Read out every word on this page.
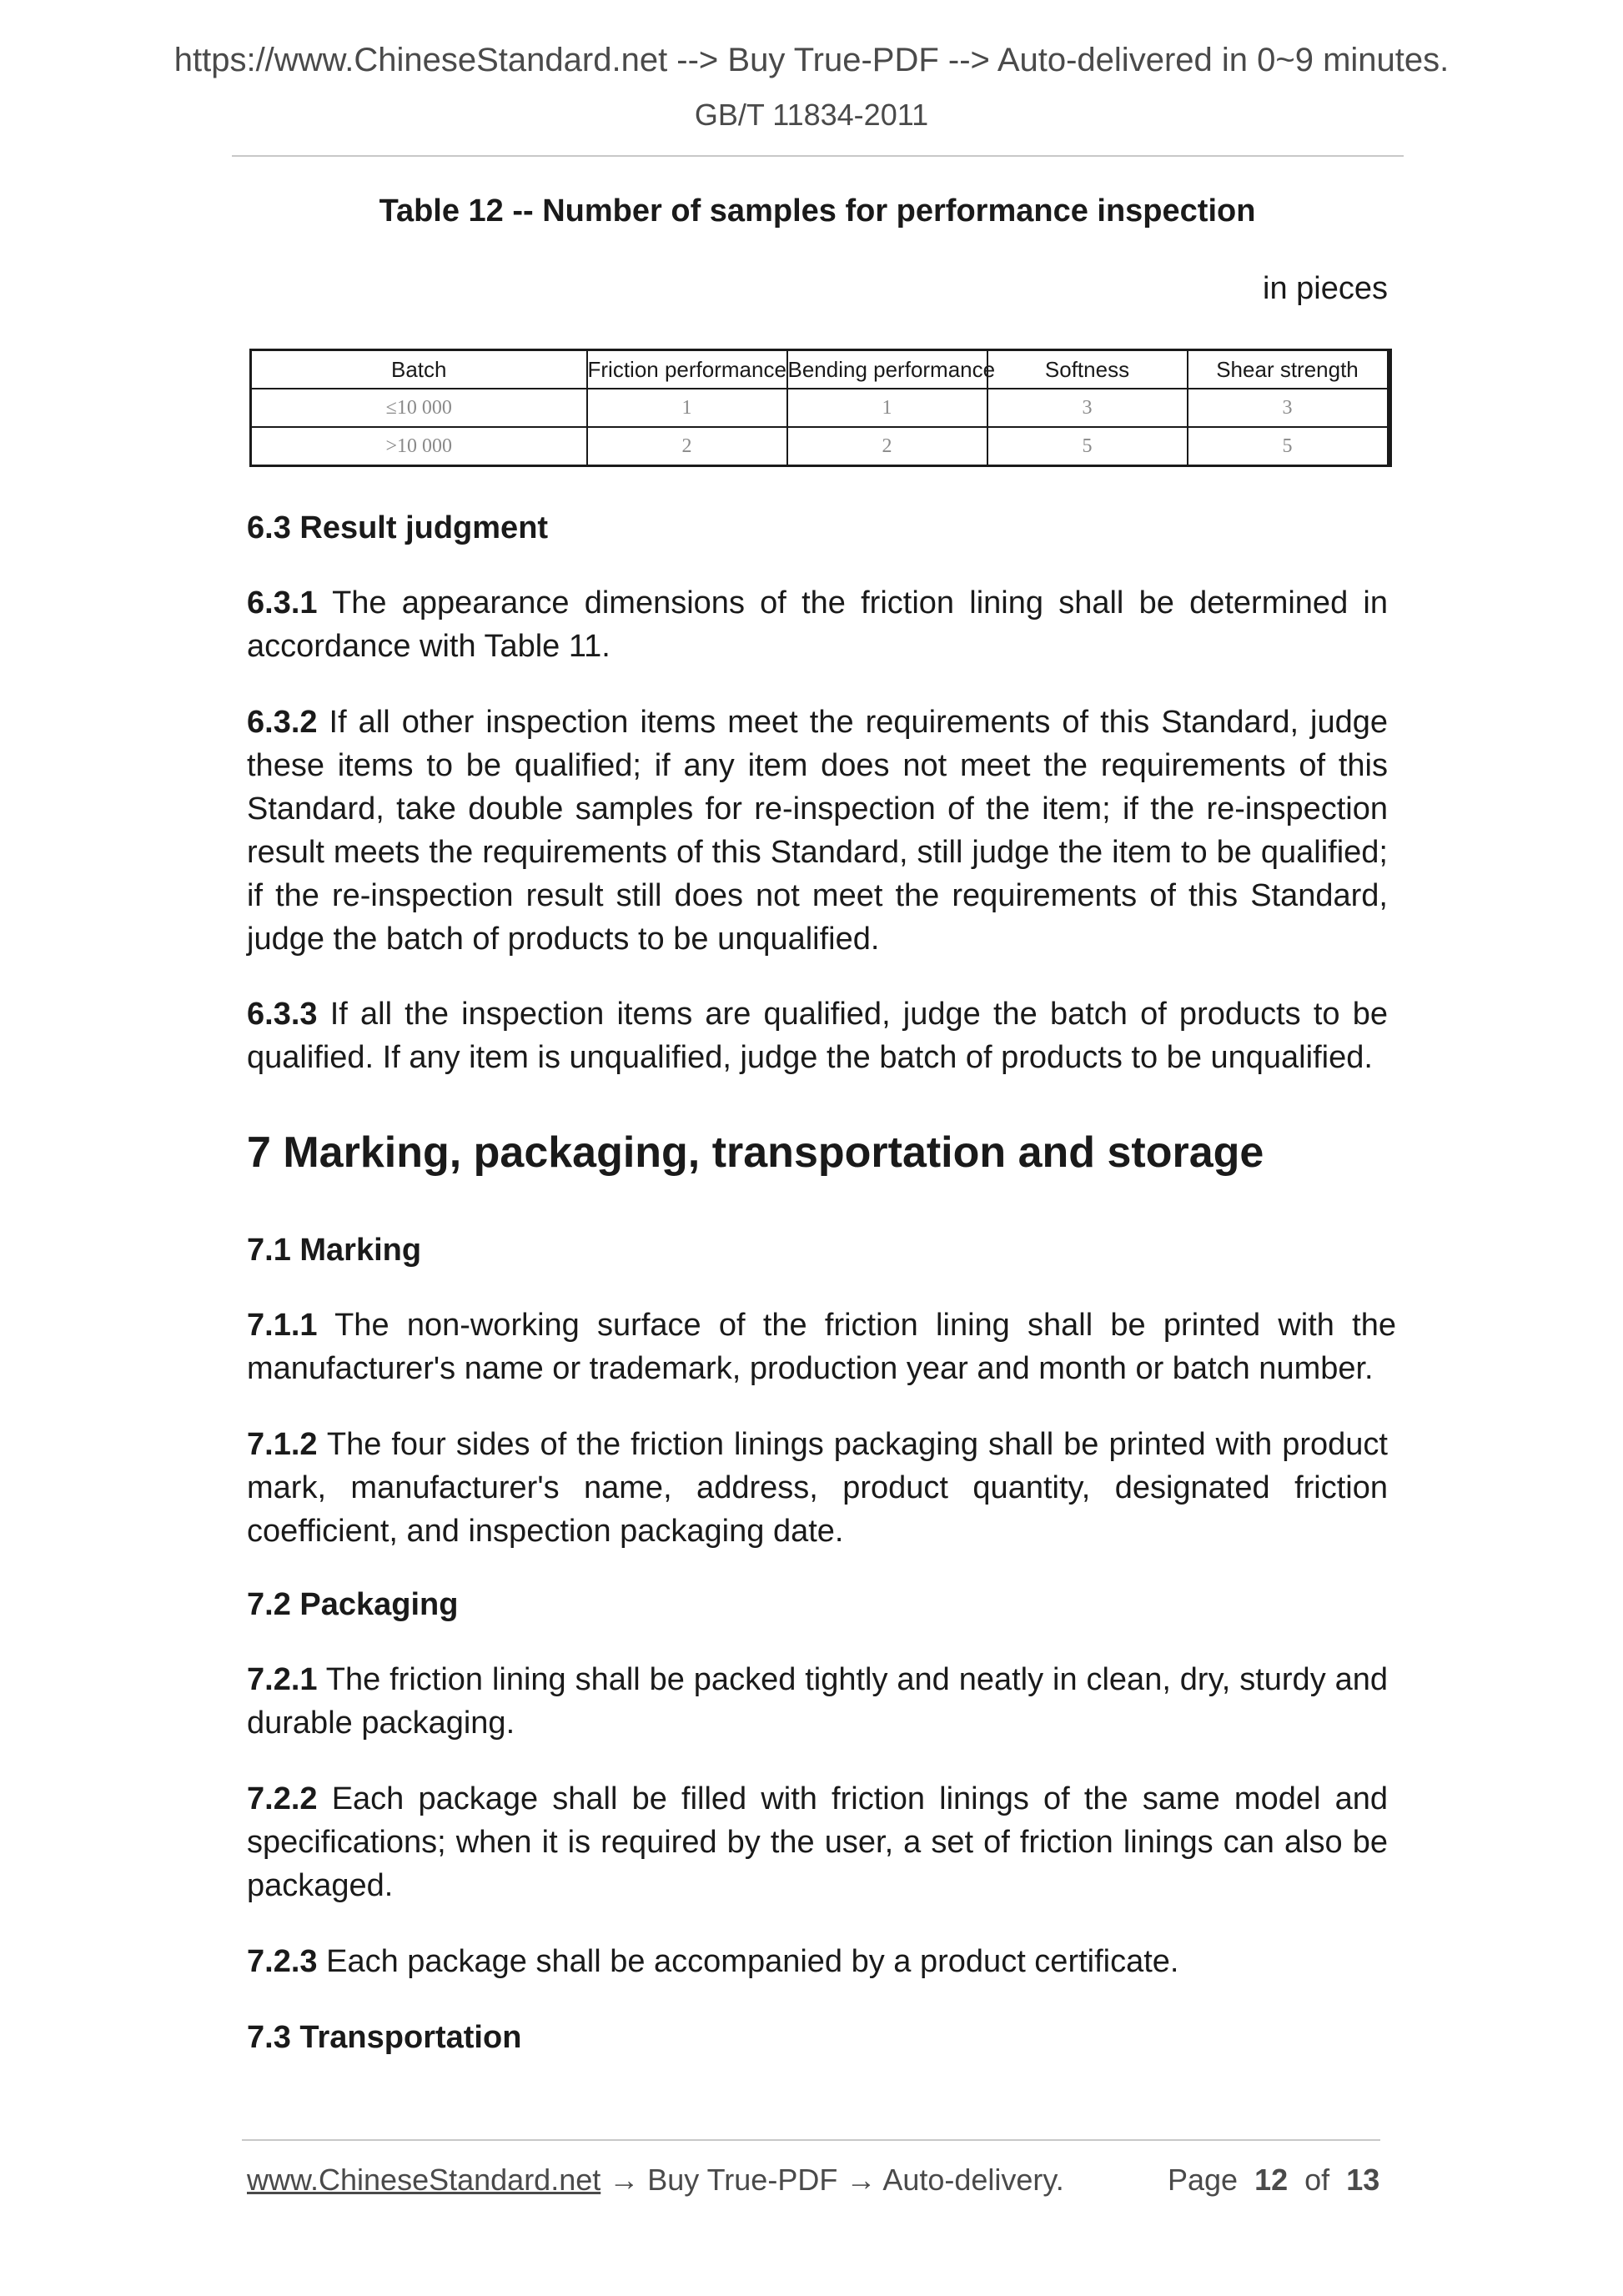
https://www.ChineseStandard.net --> Buy True-PDF --> Auto-delivered in 0~9 minutes.
GB/T 11834-2011
Table 12 -- Number of samples for performance inspection
in pieces
Batch	Friction performance	Bending performance	Softness	Shear strength
≤10 000	1	1	3	3
>10 000	2	2	5	5
6.3 Result judgment
6.3.1 The appearance dimensions of the friction lining shall be determined in accordance with Table 11.
6.3.2 If all other inspection items meet the requirements of this Standard, judge these items to be qualified; if any item does not meet the requirements of this Standard, take double samples for re-inspection of the item; if the re-inspection result meets the requirements of this Standard, still judge the item to be qualified; if the re-inspection result still does not meet the requirements of this Standard, judge the batch of products to be unqualified.
6.3.3 If all the inspection items are qualified, judge the batch of products to be qualified. If any item is unqualified, judge the batch of products to be unqualified.
7 Marking, packaging, transportation and storage
7.1 Marking
7.1.1 The non-working surface of the friction lining shall be printed with the manufacturer's name or trademark, production year and month or batch number.
7.1.2 The four sides of the friction linings packaging shall be printed with product mark, manufacturer's name, address, product quantity, designated friction coefficient, and inspection packaging date.
7.2 Packaging
7.2.1 The friction lining shall be packed tightly and neatly in clean, dry, sturdy and durable packaging.
7.2.2 Each package shall be filled with friction linings of the same model and specifications; when it is required by the user, a set of friction linings can also be packaged.
7.2.3 Each package shall be accompanied by a product certificate.
7.3 Transportation
www.ChineseStandard.net → Buy True-PDF → Auto-delivery.	Page 12 of 13
